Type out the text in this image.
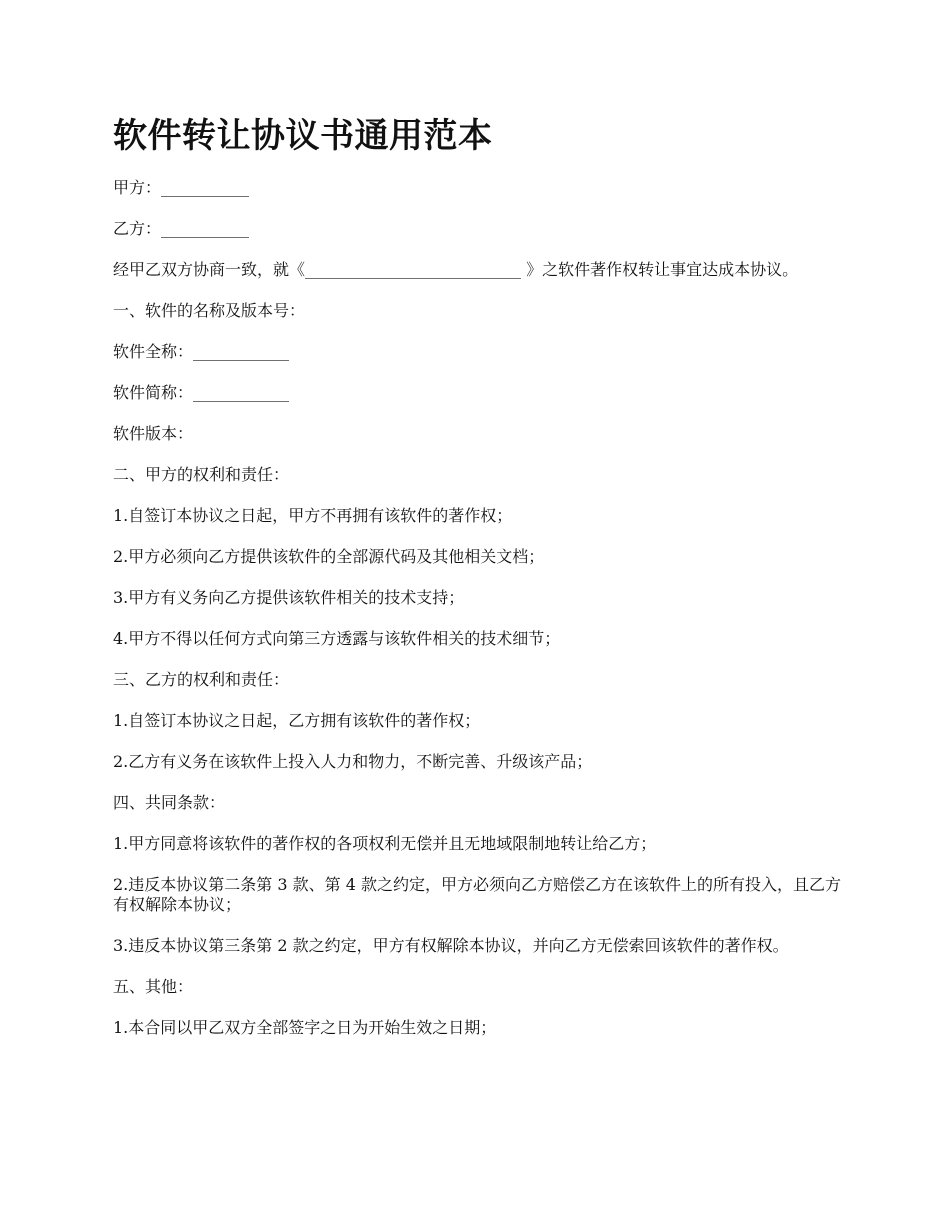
软件转让协议书通用范本

甲方：___________

乙方：___________

经甲乙双方协商一致，就《___________________________ 》之软件著作权转让事宜达成本协议。

一、软件的名称及版本号：

软件全称：____________

软件简称：____________

软件版本：

二、甲方的权利和责任：

1.自签订本协议之日起，甲方不再拥有该软件的著作权；

2.甲方必须向乙方提供该软件的全部源代码及其他相关文档；

3.甲方有义务向乙方提供该软件相关的技术支持；

4.甲方不得以任何方式向第三方透露与该软件相关的技术细节；

三、乙方的权利和责任：

1.自签订本协议之日起，乙方拥有该软件的著作权；

2.乙方有义务在该软件上投入人力和物力，不断完善、升级该产品；

四、共同条款：

1.甲方同意将该软件的著作权的各项权利无偿并且无地域限制地转让给乙方；

2.违反本协议第二条第 3 款、第 4 款之约定，甲方必须向乙方赔偿乙方在该软件上的所有投入，且乙方有权解除本协议；

3.违反本协议第三条第 2 款之约定，甲方有权解除本协议，并向乙方无偿索回该软件的著作权。

五、其他：

1.本合同以甲乙双方全部签字之日为开始生效之日期；
